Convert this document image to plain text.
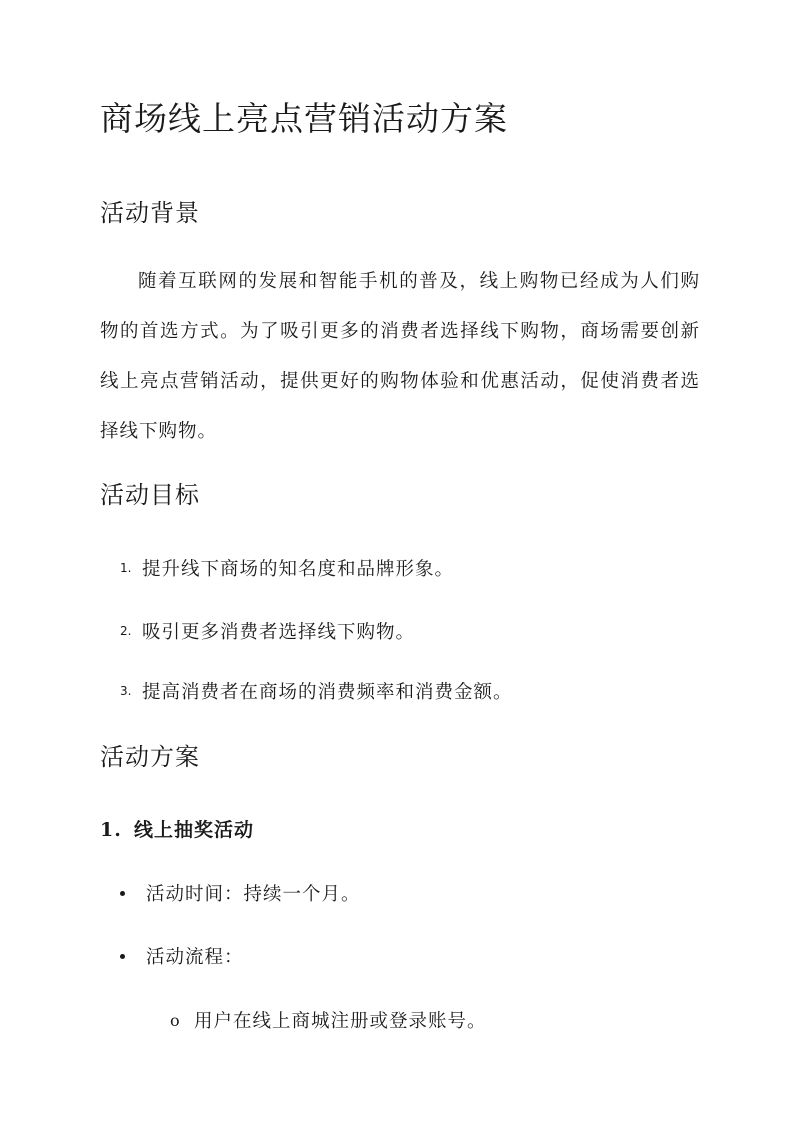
商场线上亮点营销活动方案
活动背景

随着互联网的发展和智能手机的普及，线上购物已经成为人们购物的首选方式。为了吸引更多的消费者选择线下购物，商场需要创新线上亮点营销活动，提供更好的购物体验和优惠活动，促使消费者选择线下购物。

活动目标
1. 提升线下商场的知名度和品牌形象。
2. 吸引更多消费者选择线下购物。
3. 提高消费者在商场的消费频率和消费金额。
活动方案
1. 线上抽奖活动
活动时间：持续一个月。
活动流程：
o 用户在线上商城注册或登录账号。
